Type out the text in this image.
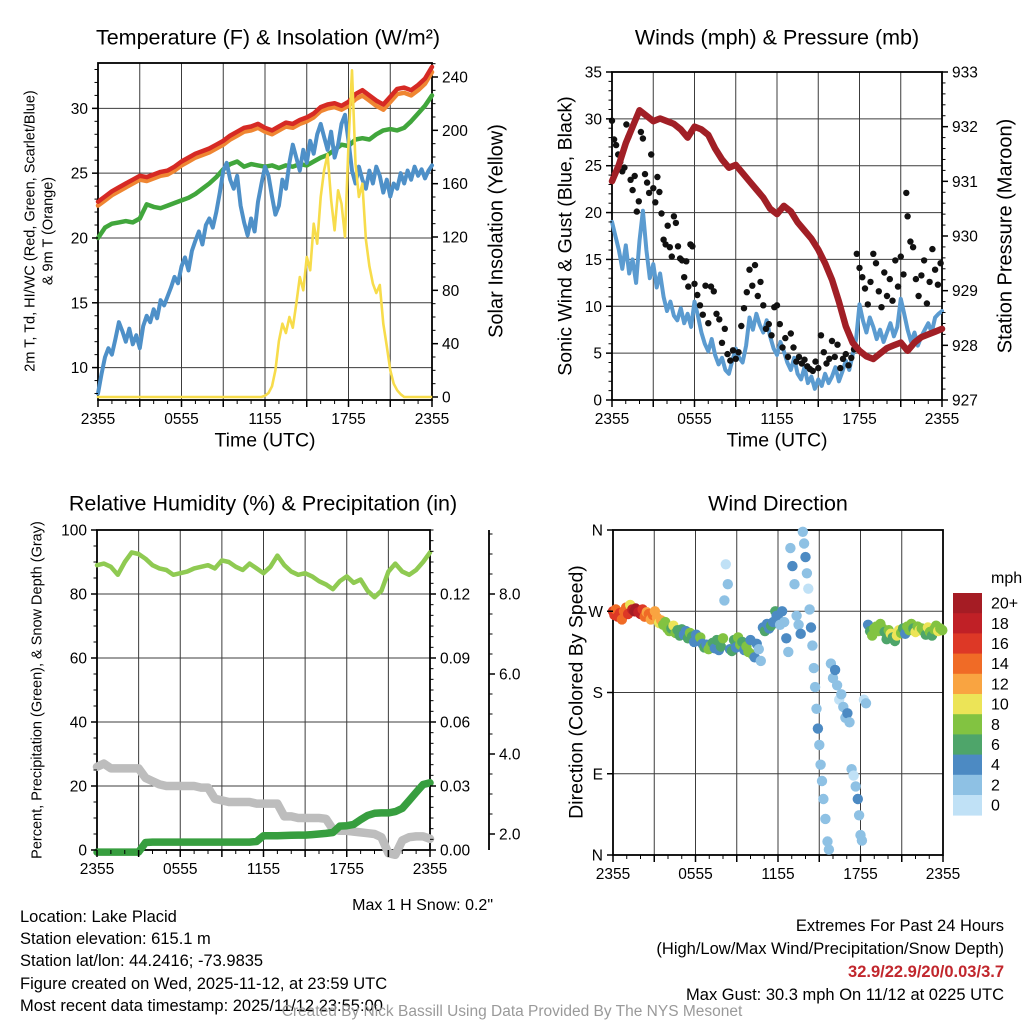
10
15
20
25
30
0
40
80
120
160
200
240
2355	0555	1155	1755	2355
0
5
10
15
20
25
30
35
927
928
929
930
931
932
933
2355	0555	1155	1755	2355
0
20
40
60
80
100
0.00
0.03
0.06
0.09
0.12
2.0
4.0
6.0
8.0
2355	0555	1155	1755	2355
N
W
S
E
N
2355	0555	1155	1755	2355
20+
18
16
14
12
10
8
6
4
2
0
Temperature (F) & Insolation (W/m²)	Winds (mph) & Pressure (mb)
Relative Humidity (%) & Precipitation (in)	Wind Direction
2m T, Td, HI/WC (Red, Green, Scarlet/Blue) & 9m T (Orange)	Solar Insolation (Yellow) Sonic Wind & Gust (Blue, Black)	Station Pressure (Maroon)
Percent, Precipitation (Green), & Snow Depth (Gray)	Direction (Colored By Speed)
Time (UTC)	Time (UTC)
mph
Max 1 H Snow: 0.2"
Location: Lake Placid
Station elevation: 615.1 m
Station lat/lon: 44.2416; -73.9835
Figure created on Wed, 2025-11-12, at 23:59 UTC
Most recent data timestamp: 2025/11/12 23:55:00
Extremes For Past 24 Hours
(High/Low/Max Wind/Precipitation/Snow Depth)
32.9/22.9/20/0.03/3.7
Max Gust: 30.3 mph On 11/12 at 0225 UTC
Created By Nick Bassill Using Data Provided By The NYS Mesonet
